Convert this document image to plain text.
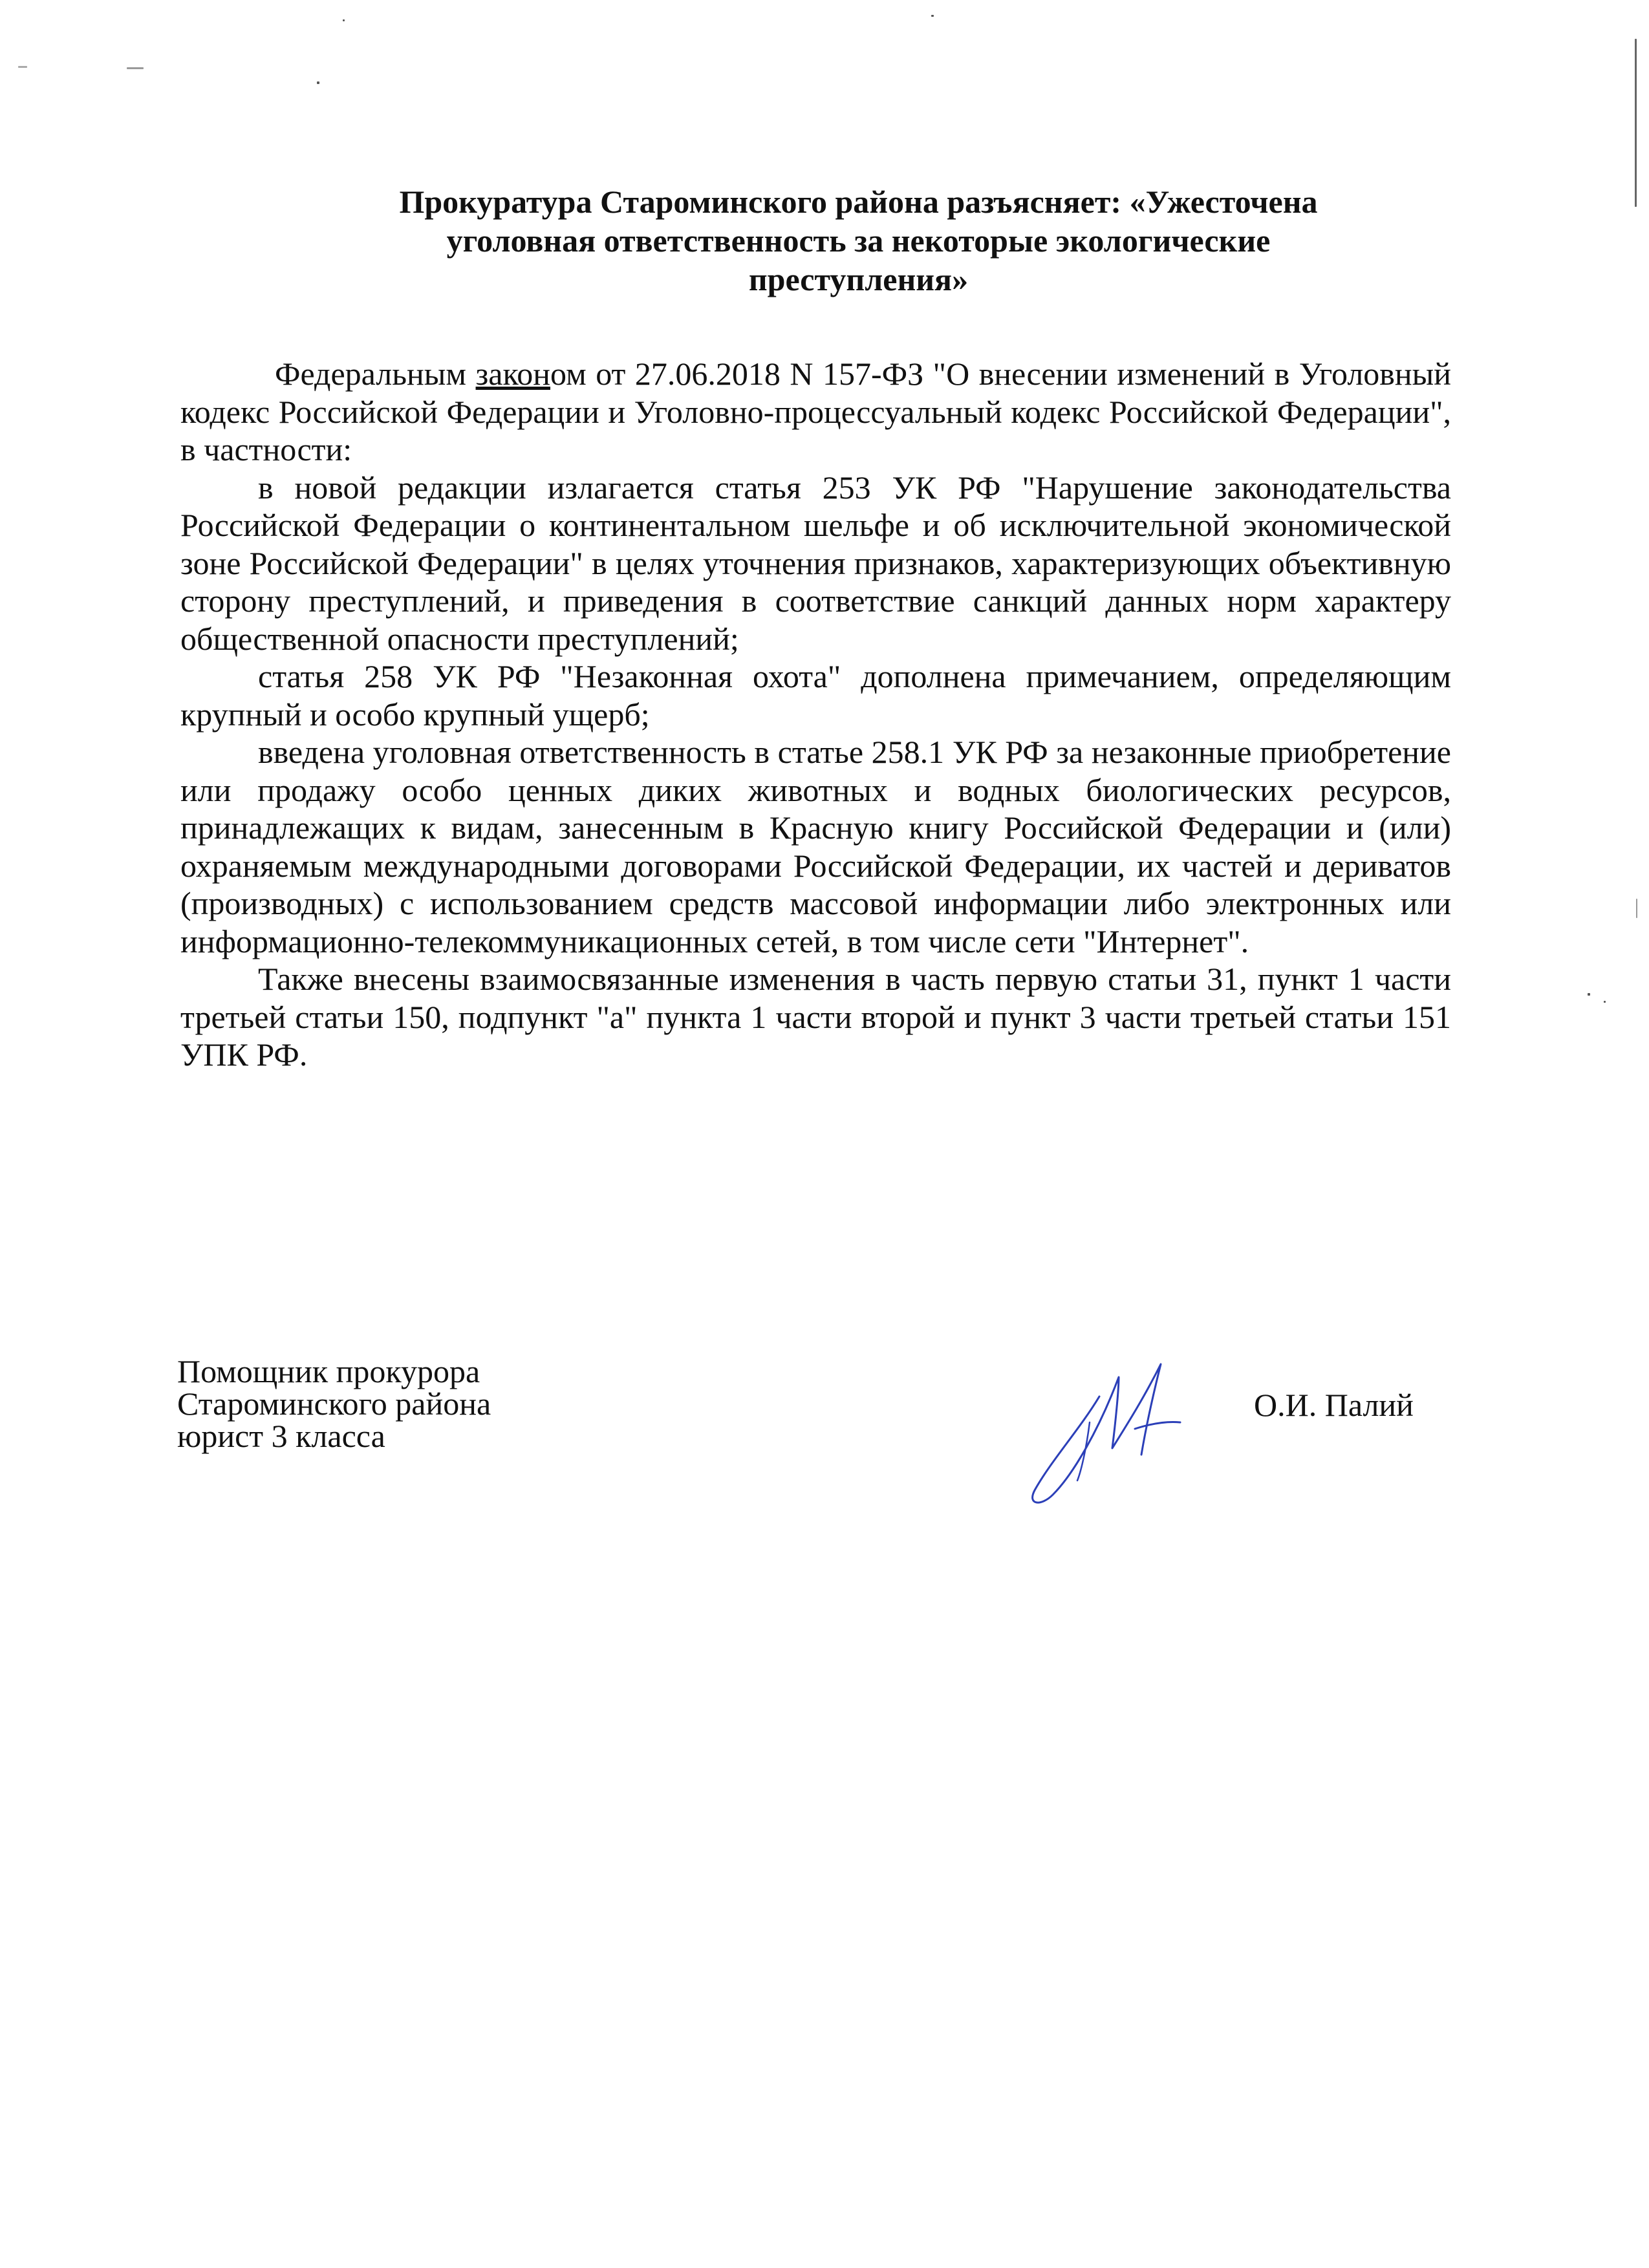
Прокуратура Староминского района разъясняет: «Ужесточена
уголовная ответственность за некоторые экологические
преступления»

Федеральным законом от 27.06.2018 N 157-ФЗ "О внесении изменений в Уголовный кодекс Российской Федерации и Уголовно-процессуальный кодекс Российской Федерации", в частности:

в новой редакции излагается статья 253 УК РФ "Нарушение законодательства Российской Федерации о континентальном шельфе и об исключительной экономической зоне Российской Федерации" в целях уточнения признаков, характеризующих объективную сторону преступлений, и приведения в соответствие санкций данных норм характеру общественной опасности преступлений;

статья 258 УК РФ "Незаконная охота" дополнена примечанием, определяющим крупный и особо крупный ущерб;

введена уголовная ответственность в статье 258.1 УК РФ за незаконные приобретение или продажу особо ценных диких животных и водных биологических ресурсов, принадлежащих к видам, занесенным в Красную книгу Российской Федерации и (или) охраняемым международными договорами Российской Федерации, их частей и дериватов (производных) с использованием средств массовой информации либо электронных или информационно-телекоммуникационных сетей, в том числе сети "Интернет".

Также внесены взаимосвязанные изменения в часть первую статьи 31, пункт 1 части третьей статьи 150, подпункт "а" пункта 1 части второй и пункт 3 части третьей статьи 151 УПК РФ.

Помощник прокурора
Староминского района
юрист 3 класса
О.И. Палий
